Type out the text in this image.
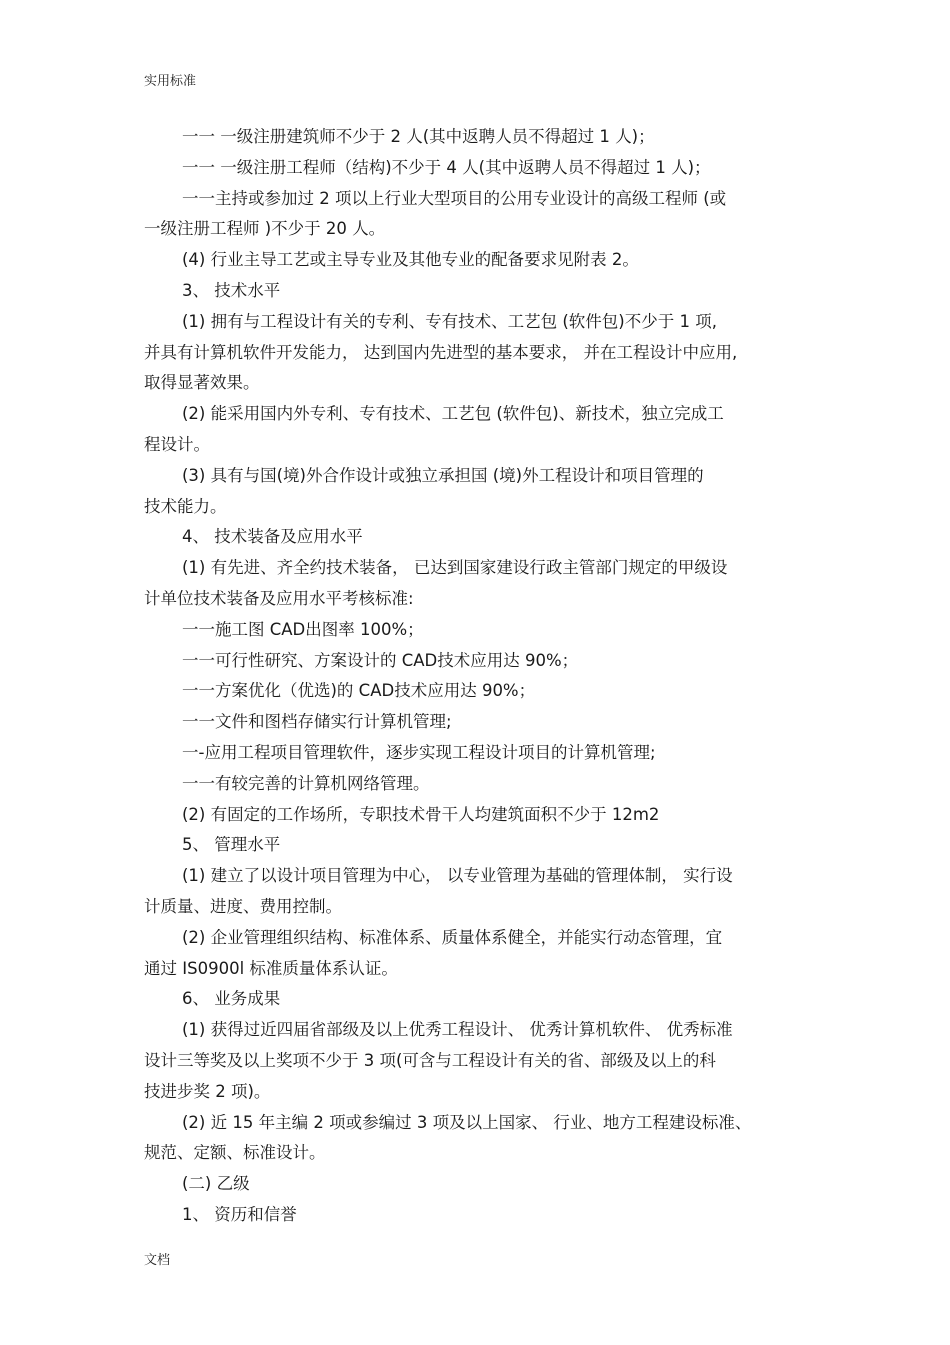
实用标准
一一 一级注册建筑师不少于 2 人(其中返聘人员不得超过 1 人)；
一一 一级注册工程师（结构)不少于 4 人(其中返聘人员不得超过 1 人)；
一一主持或参加过 2 项以上行业大型项目的公用专业设计的高级工程师 (或
一级注册工程师 )不少于 20 人。
(4) 行业主导工艺或主导专业及其他专业的配备要求见附表 2。
3、 技术水平
(1) 拥有与工程设计有关的专利、专有技术、工艺包 (软件包)不少于 1 项,
并具有计算机软件开发能力， 达到国内先进型的基本要求， 并在工程设计中应用,
取得显著效果。
(2) 能采用国内外专利、专有技术、工艺包 (软件包)、新技术，独立完成工
程设计。
(3) 具有与国(境)外合作设计或独立承担国 (境)外工程设计和项目管理的
技术能力。
4、 技术装备及应用水平
(1) 有先进、齐全约技术装备， 已达到国家建设行政主管部门规定的甲级设
计单位技术装备及应用水平考核标准:
一一施工图 CAD出图率 100%；
一一可行性研究、方案设计的 CAD技术应用达 90%；
一一方案优化（优选)的 CAD技术应用达 90%；
一一文件和图档存储实行计算机管理;
一-应用工程项目管理软件，逐步实现工程设计项目的计算机管理;
一一有较完善的计算机网络管理。
(2) 有固定的工作场所，专职技术骨干人均建筑面积不少于 12m2
5、 管理水平
(1) 建立了以设计项目管理为中心， 以专业管理为基础的管理体制， 实行设
计质量、进度、费用控制。
(2) 企业管理组织结构、标准体系、质量体系健全，并能实行动态管理，宜
通过 IS0900l 标准质量体系认证。
6、 业务成果
(1) 获得过近四届省部级及以上优秀工程设计、 优秀计算机软件、 优秀标准
设计三等奖及以上奖项不少于 3 项(可含与工程设计有关的省、部级及以上的科
技进步奖 2 项)。
(2) 近 15 年主编 2 项或参编过 3 项及以上国家、 行业、地方工程建设标准、
规范、定额、标准设计。
(二) 乙级
1、 资历和信誉
文档
